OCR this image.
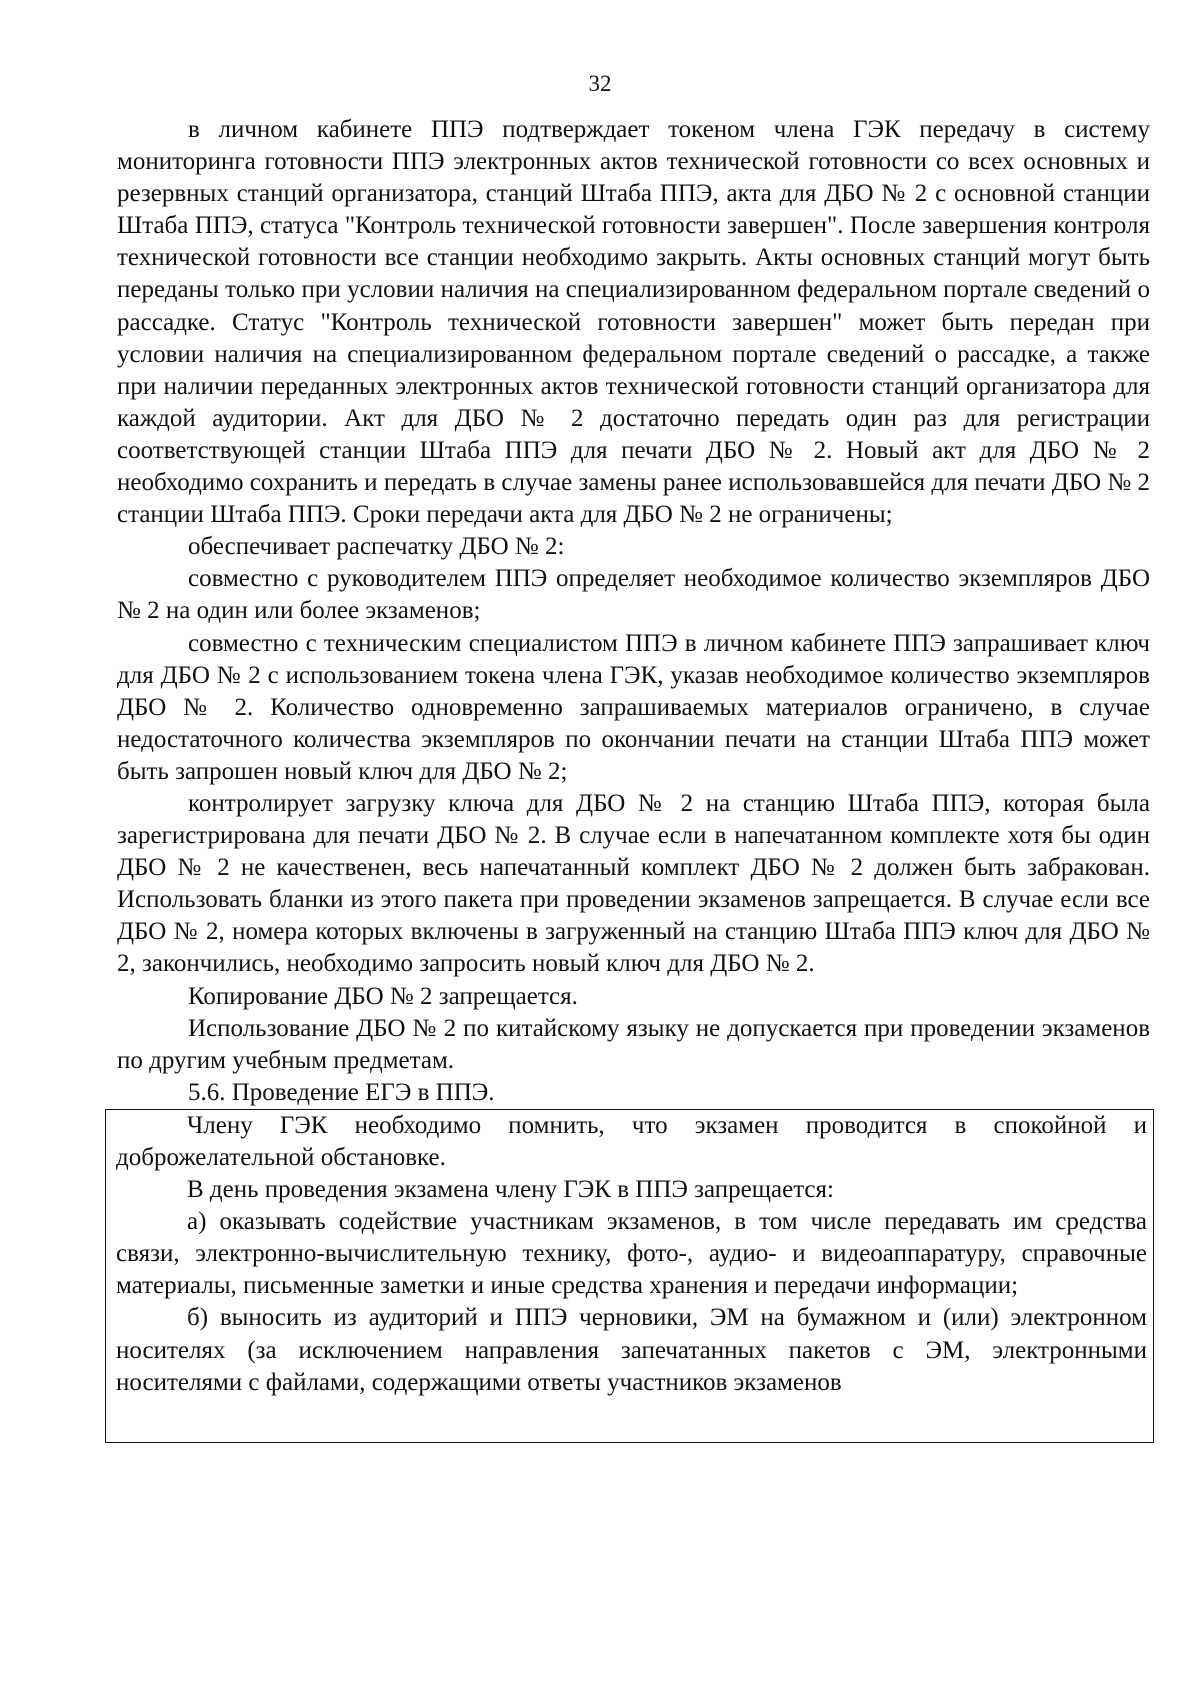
32

в личном кабинете ППЭ подтверждает токеном члена ГЭК передачу в систему мониторинга готовности ППЭ электронных актов технической готовности со всех основных и резервных станций организатора, станций Штаба ППЭ, акта для ДБО № 2 с основной станции Штаба ППЭ, статуса "Контроль технической готовности завершен". После завершения контроля технической готовности все станции необходимо закрыть. Акты основных станций могут быть переданы только при условии наличия на специализированном федеральном портале сведений о рассадке. Статус "Контроль технической готовности завершен" может быть передан при условии наличия на специализированном федеральном портале сведений о рассадке, а также при наличии переданных электронных актов технической готовности станций организатора для каждой аудитории. Акт для ДБО № 2 достаточно передать один раз для регистрации соответствующей станции Штаба ППЭ для печати ДБО № 2. Новый акт для ДБО № 2 необходимо сохранить и передать в случае замены ранее использовавшейся для печати ДБО № 2 станции Штаба ППЭ. Сроки передачи акта для ДБО № 2 не ограничены;

обеспечивает распечатку ДБО № 2:

совместно с руководителем ППЭ определяет необходимое количество экземпляров ДБО № 2 на один или более экзаменов;

совместно с техническим специалистом ППЭ в личном кабинете ППЭ запрашивает ключ для ДБО № 2 с использованием токена члена ГЭК, указав необходимое количество экземпляров ДБО № 2. Количество одновременно запрашиваемых материалов ограничено, в случае недостаточного количества экземпляров по окончании печати на станции Штаба ППЭ может быть запрошен новый ключ для ДБО № 2;

контролирует загрузку ключа для ДБО № 2 на станцию Штаба ППЭ, которая была зарегистрирована для печати ДБО № 2. В случае если в напечатанном комплекте хотя бы один ДБО № 2 не качественен, весь напечатанный комплект ДБО № 2 должен быть забракован. Использовать бланки из этого пакета при проведении экзаменов запрещается. В случае если все ДБО № 2, номера которых включены в загруженный на станцию Штаба ППЭ ключ для ДБО № 2, закончились, необходимо запросить новый ключ для ДБО № 2.

Копирование ДБО № 2 запрещается.

Использование ДБО № 2 по китайскому языку не допускается при проведении экзаменов по другим учебным предметам.

5.6. Проведение ЕГЭ в ППЭ.

Члену ГЭК необходимо помнить, что экзамен проводится в спокойной и доброжелательной обстановке.

В день проведения экзамена члену ГЭК в ППЭ запрещается:

а) оказывать содействие участникам экзаменов, в том числе передавать им средства связи, электронно-вычислительную технику, фото-, аудио- и видеоаппаратуру, справочные материалы, письменные заметки и иные средства хранения и передачи информации;

б) выносить из аудиторий и ППЭ черновики, ЭМ на бумажном и (или) электронном носителях (за исключением направления запечатанных пакетов с ЭМ, электронными носителями с файлами, содержащими ответы участников экзаменов
